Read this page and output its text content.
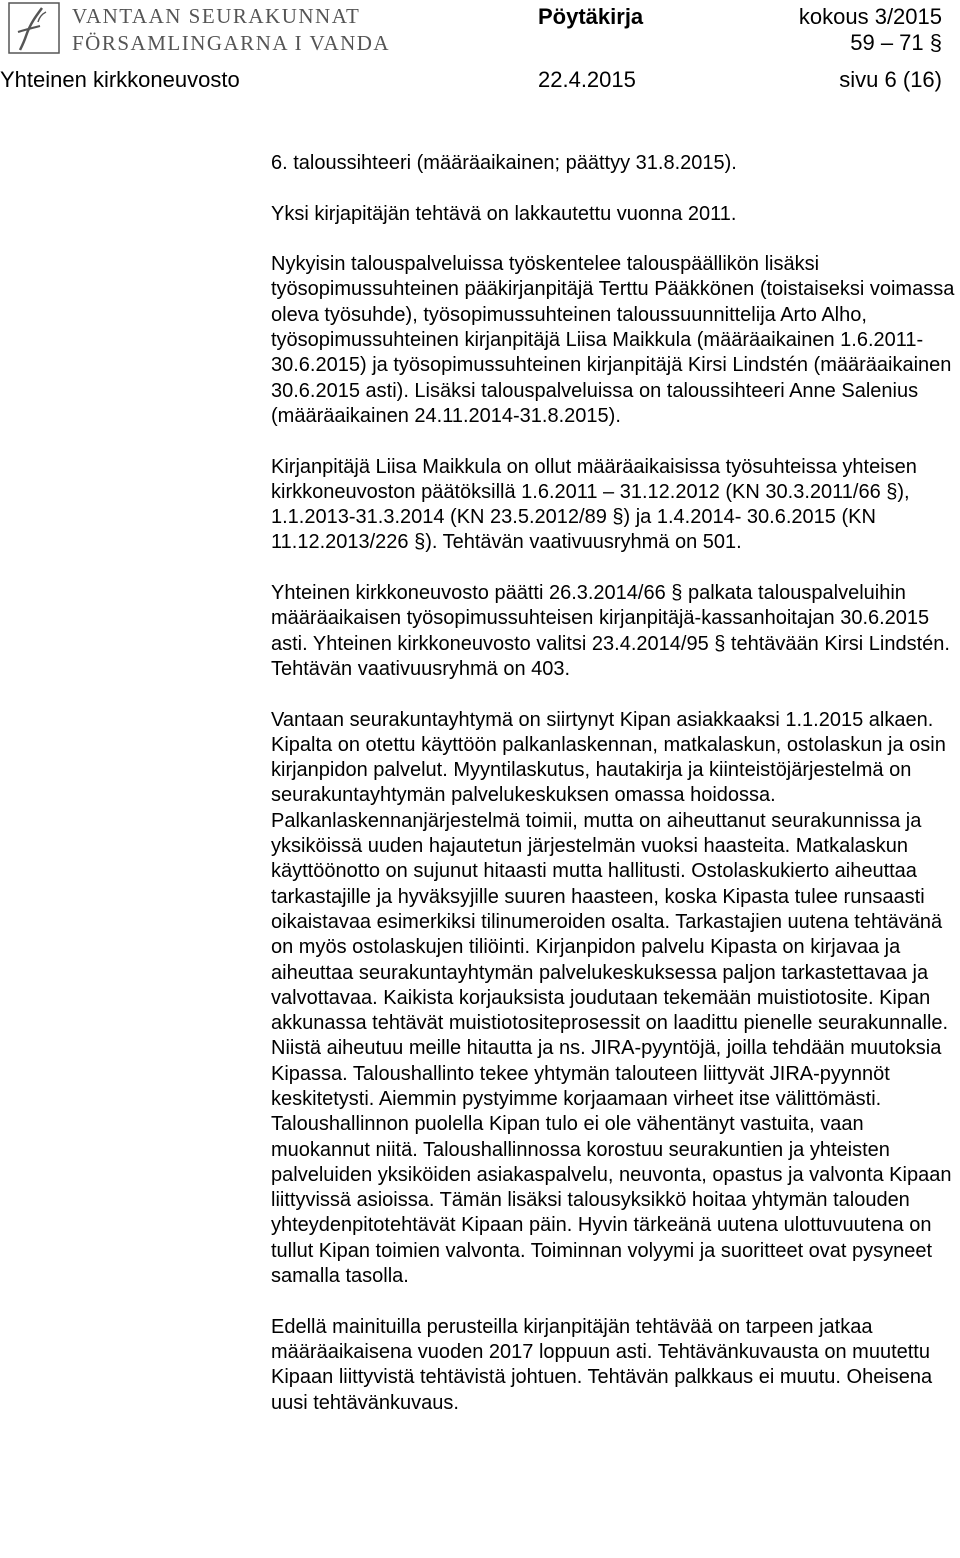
VANTAAN SEURAKUNNAT
FÖRSAMLINGARNA I VANDA
Pöytäkirja	kokous 3/2015
59 – 71 §
Yhteinen kirkkoneuvosto	22.4.2015	sivu 6 (16)

6. taloussihteeri (määräaikainen; päättyy 31.8.2015).

Yksi kirjapitäjän tehtävä on lakkautettu vuonna 2011.

Nykyisin talouspalveluissa työskentelee talouspäällikön lisäksi työsopimussuhteinen pääkirjanpitäjä Terttu Pääkkönen (toistaiseksi voimassa oleva työsuhde), työsopimussuhteinen taloussuunnittelija Arto Alho, työsopimussuhteinen kirjanpitäjä Liisa Maikkula (määräaikainen 1.6.2011-30.6.2015) ja työsopimussuhteinen kirjanpitäjä Kirsi Lindstén (määräaikainen 30.6.2015 asti). Lisäksi talouspalveluissa on taloussihteeri Anne Salenius (määräaikainen 24.11.2014-31.8.2015).

Kirjanpitäjä Liisa Maikkula on ollut määräaikaisissa työsuhteissa yhteisen kirkkoneuvoston päätöksillä 1.6.2011 – 31.12.2012 (KN 30.3.2011/66 §), 1.1.2013-31.3.2014 (KN 23.5.2012/89 §) ja 1.4.2014- 30.6.2015 (KN 11.12.2013/226 §). Tehtävän vaativuusryhmä on 501.

Yhteinen kirkkoneuvosto päätti 26.3.2014/66 § palkata talouspalveluihin määräaikaisen työsopimussuhteisen kirjanpitäjä-kassanhoitajan 30.6.2015 asti. Yhteinen kirkkoneuvosto valitsi 23.4.2014/95 § tehtävään Kirsi Lindstén. Tehtävän vaativuusryhmä on 403.

Vantaan seurakuntayhtymä on siirtynyt Kipan asiakkaaksi 1.1.2015 alkaen. Kipalta on otettu käyttöön palkanlaskennan, matkalaskun, ostolaskun ja osin kirjanpidon palvelut. Myyntilaskutus, hautakirja ja kiinteistöjärjestelmä on seurakuntayhtymän palvelukeskuksen omassa hoidossa. Palkanlaskennanjärjestelmä toimii, mutta on aiheuttanut seurakunnissa ja yksiköissä uuden hajautetun järjestelmän vuoksi haasteita. Matkalaskun käyttöönotto on sujunut hitaasti mutta hallitusti. Ostolaskukierto aiheuttaa tarkastajille ja hyväksyjille suuren haasteen, koska Kipasta tulee runsaasti oikaistavaa esimerkiksi tilinumeroiden osalta. Tarkastajien uutena tehtävänä on myös ostolaskujen tiliöinti. Kirjanpidon palvelu Kipasta on kirjavaa ja aiheuttaa seurakuntayhtymän palvelukeskuksessa paljon tarkastettavaa ja valvottavaa. Kaikista korjauksista joudutaan tekemään muistiotosite. Kipan akkunassa tehtävät muistiotositeprosessit on laadittu pienelle seurakunnalle. Niistä aiheutuu meille hitautta ja ns. JIRA-pyyntöjä, joilla tehdään muutoksia Kipassa. Taloushallinto tekee yhtymän talouteen liittyvät JIRA-pyynnöt keskitetysti. Aiemmin pystyimme korjaamaan virheet itse välittömästi. Taloushallinnon puolella Kipan tulo ei ole vähentänyt vastuita, vaan muokannut niitä. Taloushallinnossa korostuu seurakuntien ja yhteisten palveluiden yksiköiden asiakaspalvelu, neuvonta, opastus ja valvonta Kipaan liittyvissä asioissa. Tämän lisäksi talousyksikkö hoitaa yhtymän talouden yhteydenpitotehtävät Kipaan päin. Hyvin tärkeänä uutena ulottuvuutena on tullut Kipan toimien valvonta. Toiminnan volyymi ja suoritteet ovat pysyneet samalla tasolla.

Edellä mainituilla perusteilla kirjanpitäjän tehtävää on tarpeen jatkaa määräaikaisena vuoden 2017 loppuun asti. Tehtävänkuvausta on muutettu Kipaan liittyvistä tehtävistä johtuen. Tehtävän palkkaus ei muutu. Oheisena uusi tehtävänkuvaus.
